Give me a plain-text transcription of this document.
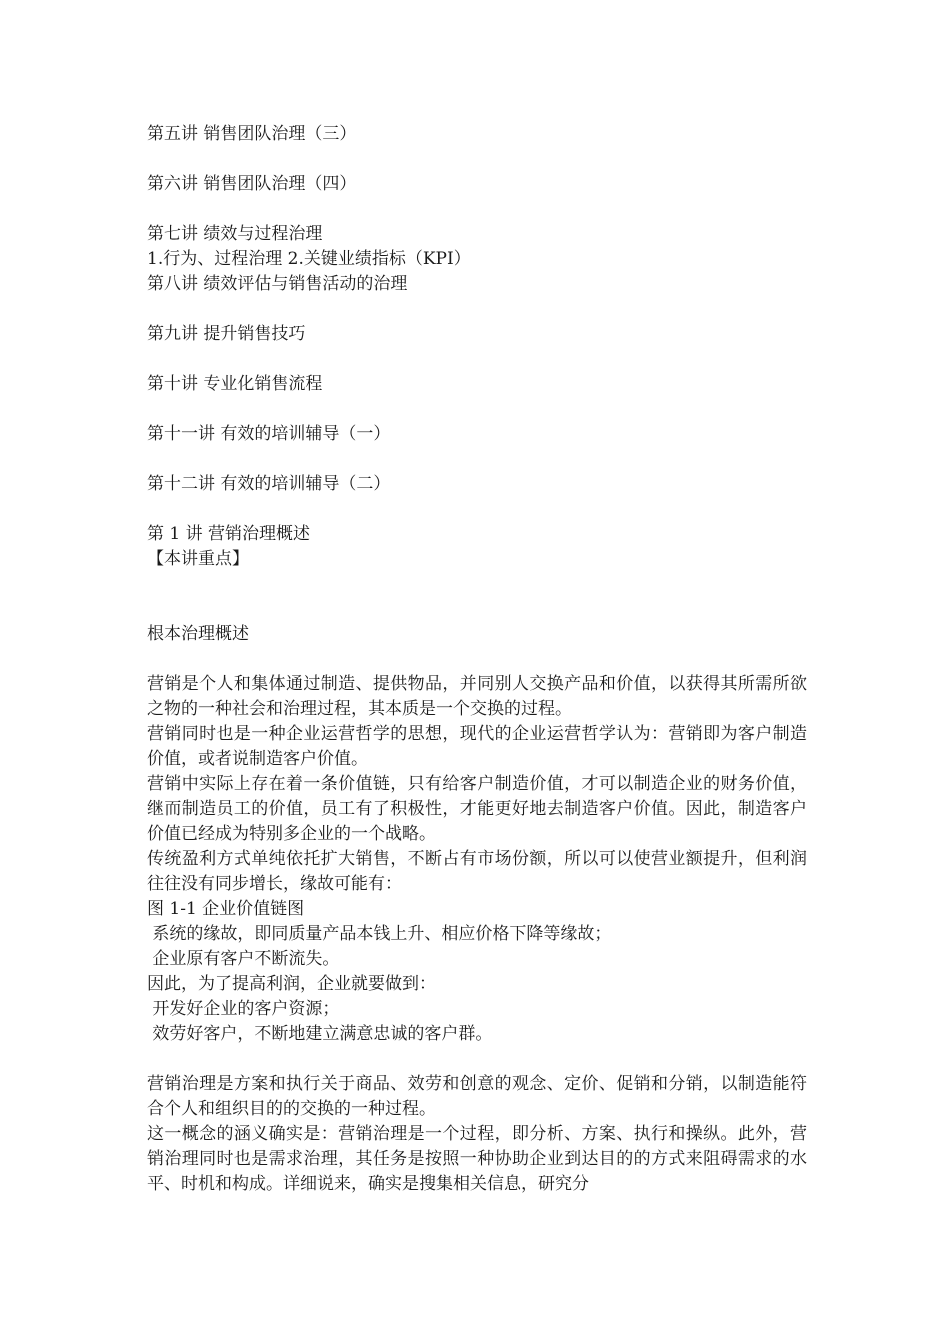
第五讲 销售团队治理（三）
第六讲 销售团队治理（四）
第七讲 绩效与过程治理
1.行为、过程治理 2.关键业绩指标（KPI）
第八讲 绩效评估与销售活动的治理
第九讲 提升销售技巧
第十讲 专业化销售流程
第十一讲 有效的培训辅导（一）
第十二讲 有效的培训辅导（二）
第 1 讲 营销治理概述
【本讲重点】
根本治理概述
营销是个人和集体通过制造、提供物品，并同别人交换产品和价值，以获得其所需所欲之物的一种社会和治理过程，其本质是一个交换的过程。
营销同时也是一种企业运营哲学的思想，现代的企业运营哲学认为：营销即为客户制造价值，或者说制造客户价值。
营销中实际上存在着一条价值链，只有给客户制造价值，才可以制造企业的财务价值，继而制造员工的价值，员工有了积极性，才能更好地去制造客户价值。因此，制造客户价值已经成为特别多企业的一个战略。
传统盈利方式单纯依托扩大销售，不断占有市场份额，所以可以使营业额提升，但利润往往没有同步增长，缘故可能有：
图 1-1 企业价值链图
系统的缘故，即同质量产品本钱上升、相应价格下降等缘故；
企业原有客户不断流失。
因此，为了提高利润，企业就要做到：
开发好企业的客户资源；
效劳好客户，不断地建立满意忠诚的客户群。
营销治理是方案和执行关于商品、效劳和创意的观念、定价、促销和分销，以制造能符合个人和组织目的的交换的一种过程。
这一概念的涵义确实是：营销治理是一个过程，即分析、方案、执行和操纵。此外，营销治理同时也是需求治理，其任务是按照一种协助企业到达目的的方式来阻碍需求的水平、时机和构成。详细说来，确实是搜集相关信息，研究分
